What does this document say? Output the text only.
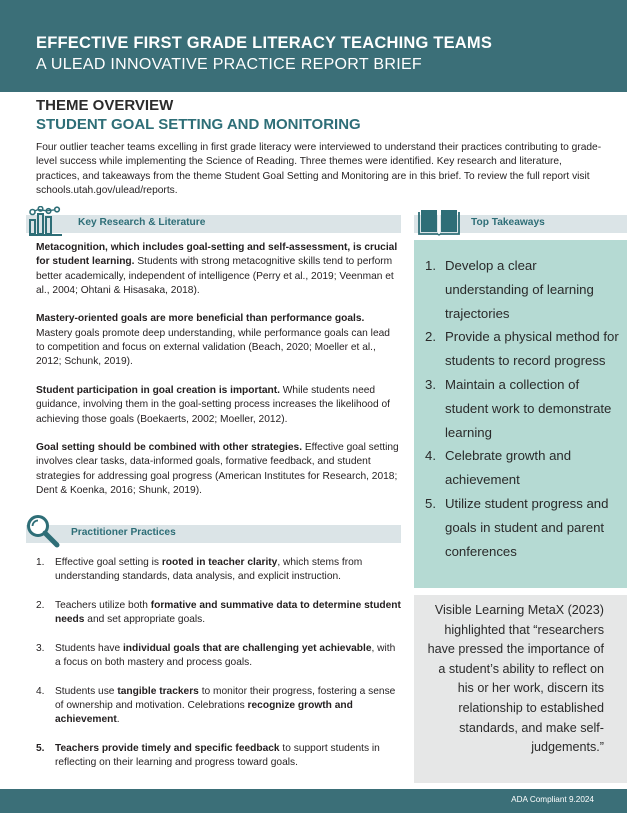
EFFECTIVE FIRST GRADE LITERACY TEACHING TEAMS
A ULEAD INNOVATIVE PRACTICE REPORT BRIEF
THEME OVERVIEW
STUDENT GOAL SETTING AND MONITORING
Four outlier teacher teams excelling in first grade literacy were interviewed to understand their practices contributing to grade-level success while implementing the Science of Reading. Three themes were identified. Key research and literature, practices, and takeaways from the theme Student Goal Setting and Monitoring are in this brief. To review the full report visit schools.utah.gov/ulead/reports.
Key Research & Literature
Metacognition, which includes goal-setting and self-assessment, is crucial for student learning. Students with strong metacognitive skills tend to perform better academically, independent of intelligence (Perry et al., 2019; Veenman et al., 2004; Ohtani & Hisasaka, 2018).
Mastery-oriented goals are more beneficial than performance goals. Mastery goals promote deep understanding, while performance goals can lead to competition and focus on external validation (Beach, 2020; Moeller et al., 2012; Schunk, 2019).
Student participation in goal creation is important. While students need guidance, involving them in the goal-setting process increases the likelihood of achieving those goals (Boekaerts, 2002; Moeller, 2012).
Goal setting should be combined with other strategies. Effective goal setting involves clear tasks, data-informed goals, formative feedback, and student strategies for addressing goal progress (American Institutes for Research, 2018; Dent & Koenka, 2016; Shunk, 2019).
Practitioner Practices
1. Effective goal setting is rooted in teacher clarity, which stems from understanding standards, data analysis, and explicit instruction.
2. Teachers utilize both formative and summative data to determine student needs and set appropriate goals.
3. Students have individual goals that are challenging yet achievable, with a focus on both mastery and process goals.
4. Students use tangible trackers to monitor their progress, fostering a sense of ownership and motivation. Celebrations recognize growth and achievement.
5. Teachers provide timely and specific feedback to support students in reflecting on their learning and progress toward goals.
Top Takeaways
1. Develop a clear understanding of learning trajectories
2. Provide a physical method for students to record progress
3. Maintain a collection of student work to demonstrate learning
4. Celebrate growth and achievement
5. Utilize student progress and goals in student and parent conferences
Visible Learning MetaX (2023) highlighted that “researchers have pressed the importance of a student’s ability to reflect on his or her work, discern its relationship to established standards, and make self-judgements.”
ADA Compliant 9.2024
